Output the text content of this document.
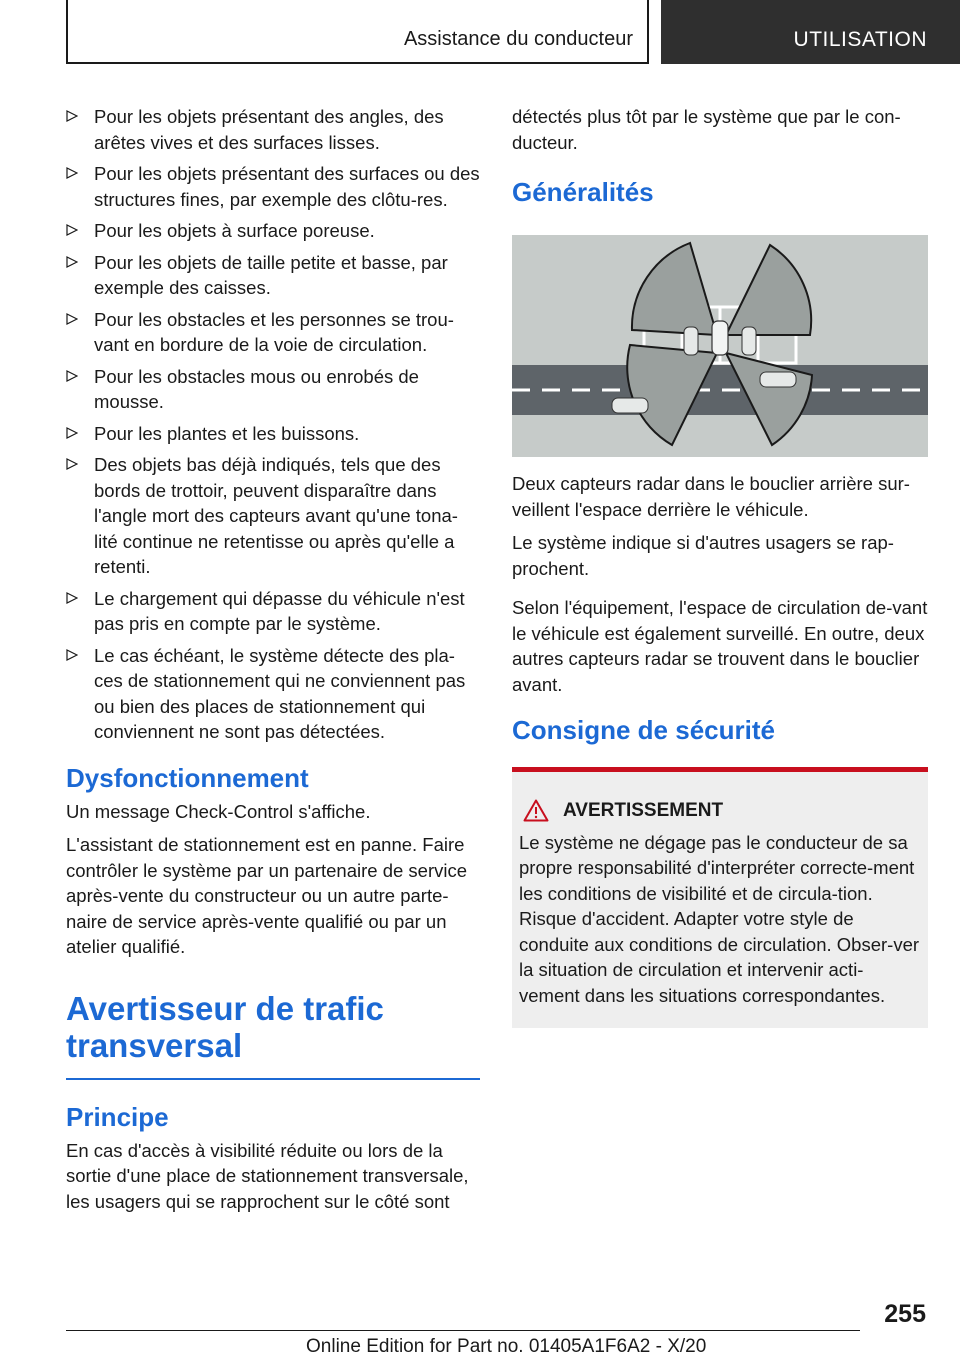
Assistance du conducteur	UTILISATION
Pour les objets présentant des angles, des arêtes vives et des surfaces lisses.
Pour les objets présentant des surfaces ou des structures fines, par exemple des clôtu-res.
Pour les objets à surface poreuse.
Pour les objets de taille petite et basse, par exemple des caisses.
Pour les obstacles et les personnes se trou-vant en bordure de la voie de circulation.
Pour les obstacles mous ou enrobés de mousse.
Pour les plantes et les buissons.
Des objets bas déjà indiqués, tels que des bords de trottoir, peuvent disparaître dans l'angle mort des capteurs avant qu'une tona-lité continue ne retentisse ou après qu'elle a retenti.
Le chargement qui dépasse du véhicule n'est pas pris en compte par le système.
Le cas échéant, le système détecte des pla-ces de stationnement qui ne conviennent pas ou bien des places de stationnement qui conviennent ne sont pas détectées.
Dysfonctionnement

Un message Check-Control s'affiche.

L'assistant de stationnement est en panne. Faire contrôler le système par un partenaire de service après-vente du constructeur ou un autre parte-naire de service après-vente qualifié ou par un atelier qualifié.

Avertisseur de trafic transversal
Principe

En cas d'accès à visibilité réduite ou lors de la sortie d'une place de stationnement transversale, les usagers qui se rapprochent sur le côté sont

détectés plus tôt par le système que par le con-ducteur.

Généralités

Deux capteurs radar dans le bouclier arrière sur-veillent l'espace derrière le véhicule.

Le système indique si d'autres usagers se rap-prochent.

Selon l'équipement, l'espace de circulation de-vant le véhicule est également surveillé. En outre, deux autres capteurs radar se trouvent dans le bouclier avant.

Consigne de sécurité
AVERTISSEMENT

Le système ne dégage pas le conducteur de sa propre responsabilité d'interpréter correcte-ment les conditions de visibilité et de circula-tion. Risque d'accident. Adapter votre style de conduite aux conditions de circulation. Obser-ver la situation de circulation et intervenir acti-vement dans les situations correspondantes.

255
Online Edition for Part no. 01405A1F6A2 - X/20
